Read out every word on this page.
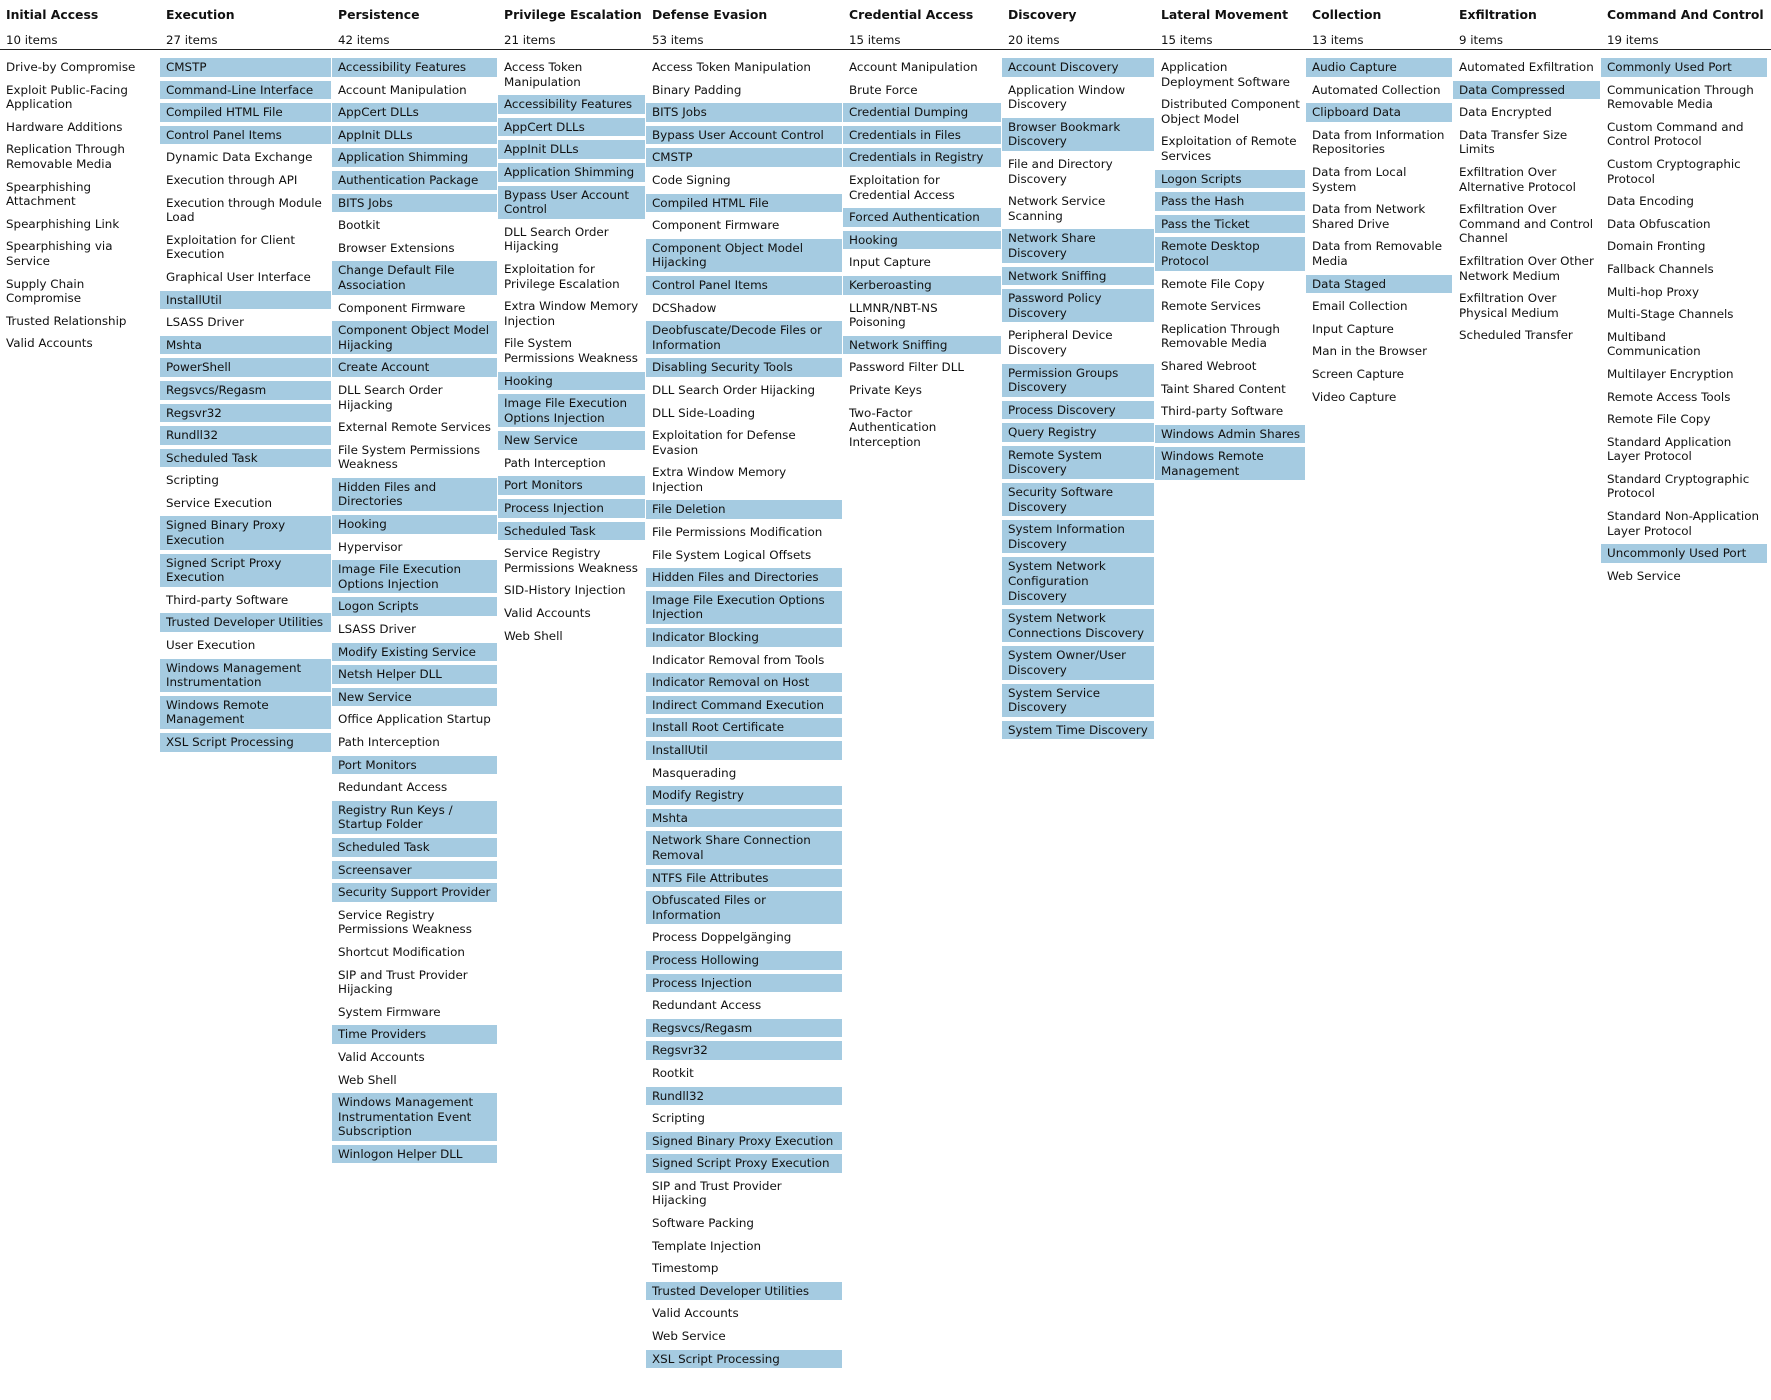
Initial Access
10 items
Drive-by Compromise
Exploit Public-Facing Application
Hardware Additions
Replication Through Removable Media
Spearphishing Attachment
Spearphishing Link
Spearphishing via Service
Supply Chain Compromise
Trusted Relationship
Valid Accounts
Execution
27 items
CMSTP
Command-Line Interface
Compiled HTML File
Control Panel Items
Dynamic Data Exchange
Execution through API
Execution through Module Load
Exploitation for Client Execution
Graphical User Interface
InstallUtil
LSASS Driver
Mshta
PowerShell
Regsvcs/Regasm
Regsvr32
Rundll32
Scheduled Task
Scripting
Service Execution
Signed Binary Proxy Execution
Signed Script Proxy Execution
Third-party Software
Trusted Developer Utilities
User Execution
Windows Management Instrumentation
Windows Remote Management
XSL Script Processing
Persistence
42 items
Accessibility Features
Account Manipulation
AppCert DLLs
AppInit DLLs
Application Shimming
Authentication Package
BITS Jobs
Bootkit
Browser Extensions
Change Default File Association
Component Firmware
Component Object Model Hijacking
Create Account
DLL Search Order Hijacking
External Remote Services
File System Permissions Weakness
Hidden Files and Directories
Hooking
Hypervisor
Image File Execution Options Injection
Logon Scripts
LSASS Driver
Modify Existing Service
Netsh Helper DLL
New Service
Office Application Startup
Path Interception
Port Monitors
Redundant Access
Registry Run Keys / Startup Folder
Scheduled Task
Screensaver
Security Support Provider
Service Registry Permissions Weakness
Shortcut Modification
SIP and Trust Provider Hijacking
System Firmware
Time Providers
Valid Accounts
Web Shell
Windows Management Instrumentation Event Subscription
Winlogon Helper DLL
Privilege Escalation
21 items
Access Token Manipulation
Accessibility Features
AppCert DLLs
AppInit DLLs
Application Shimming
Bypass User Account Control
DLL Search Order Hijacking
Exploitation for Privilege Escalation
Extra Window Memory Injection
File System Permissions Weakness
Hooking
Image File Execution Options Injection
New Service
Path Interception
Port Monitors
Process Injection
Scheduled Task
Service Registry Permissions Weakness
SID-History Injection
Valid Accounts
Web Shell
Defense Evasion
53 items
Access Token Manipulation
Binary Padding
BITS Jobs
Bypass User Account Control
CMSTP
Code Signing
Compiled HTML File
Component Firmware
Component Object Model Hijacking
Control Panel Items
DCShadow
Deobfuscate/Decode Files or Information
Disabling Security Tools
DLL Search Order Hijacking
DLL Side-Loading
Exploitation for Defense Evasion
Extra Window Memory Injection
File Deletion
File Permissions Modification
File System Logical Offsets
Hidden Files and Directories
Image File Execution Options Injection
Indicator Blocking
Indicator Removal from Tools
Indicator Removal on Host
Indirect Command Execution
Install Root Certificate
InstallUtil
Masquerading
Modify Registry
Mshta
Network Share Connection Removal
NTFS File Attributes
Obfuscated Files or Information
Process Doppelgänging
Process Hollowing
Process Injection
Redundant Access
Regsvcs/Regasm
Regsvr32
Rootkit
Rundll32
Scripting
Signed Binary Proxy Execution
Signed Script Proxy Execution
SIP and Trust Provider Hijacking
Software Packing
Template Injection
Timestomp
Trusted Developer Utilities
Valid Accounts
Web Service
XSL Script Processing
Credential Access
15 items
Account Manipulation
Brute Force
Credential Dumping
Credentials in Files
Credentials in Registry
Exploitation for Credential Access
Forced Authentication
Hooking
Input Capture
Kerberoasting
LLMNR/NBT-NS Poisoning
Network Sniffing
Password Filter DLL
Private Keys
Two-Factor Authentication Interception
Discovery
20 items
Account Discovery
Application Window Discovery
Browser Bookmark Discovery
File and Directory Discovery
Network Service Scanning
Network Share Discovery
Network Sniffing
Password Policy Discovery
Peripheral Device Discovery
Permission Groups Discovery
Process Discovery
Query Registry
Remote System Discovery
Security Software Discovery
System Information Discovery
System Network Configuration Discovery
System Network Connections Discovery
System Owner/User Discovery
System Service Discovery
System Time Discovery
Lateral Movement
15 items
Application Deployment Software
Distributed Component Object Model
Exploitation of Remote Services
Logon Scripts
Pass the Hash
Pass the Ticket
Remote Desktop Protocol
Remote File Copy
Remote Services
Replication Through Removable Media
Shared Webroot
Taint Shared Content
Third-party Software
Windows Admin Shares
Windows Remote Management
Collection
13 items
Audio Capture
Automated Collection
Clipboard Data
Data from Information Repositories
Data from Local System
Data from Network Shared Drive
Data from Removable Media
Data Staged
Email Collection
Input Capture
Man in the Browser
Screen Capture
Video Capture
Exfiltration
9 items
Automated Exfiltration
Data Compressed
Data Encrypted
Data Transfer Size Limits
Exfiltration Over Alternative Protocol
Exfiltration Over Command and Control Channel
Exfiltration Over Other Network Medium
Exfiltration Over Physical Medium
Scheduled Transfer
Command And Control
19 items
Commonly Used Port
Communication Through Removable Media
Custom Command and Control Protocol
Custom Cryptographic Protocol
Data Encoding
Data Obfuscation
Domain Fronting
Fallback Channels
Multi-hop Proxy
Multi-Stage Channels
Multiband Communication
Multilayer Encryption
Remote Access Tools
Remote File Copy
Standard Application Layer Protocol
Standard Cryptographic Protocol
Standard Non-Application Layer Protocol
Uncommonly Used Port
Web Service
